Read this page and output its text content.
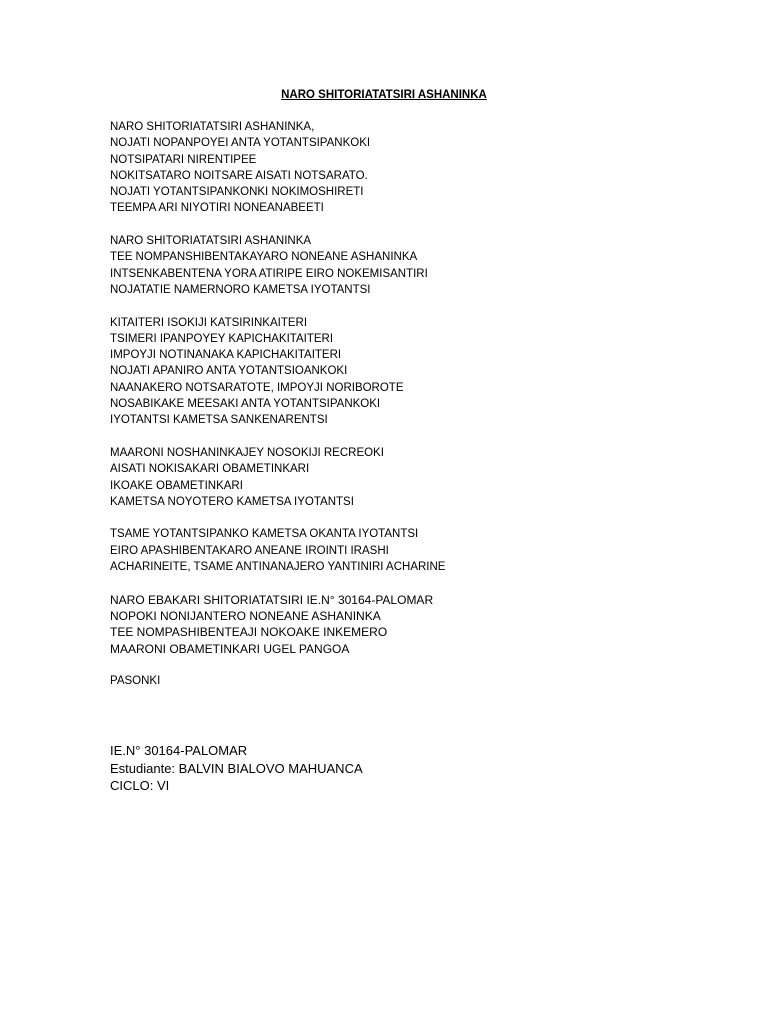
NARO SHITORIATATSIRI ASHANINKA
NARO SHITORIATATSIRI ASHANINKA,
NOJATI NOPANPOYEI ANTA YOTANTSIPANKOKI
NOTSIPATARI NIRENTIPEE
NOKITSATARO NOITSARE AISATI NOTSARATO.
NOJATI YOTANTSIPANKONKI NOKIMOSHIRETI
TEEMPA ARI NIYOTIRI NONEANABEETI
NARO SHITORIATATSIRI ASHANINKA
TEE NOMPANSHIBENTAKAYARO NONEANE ASHANINKA
INTSENKABENTENA YORA ATIRIPE EIRO NOKEMISANTIRI
NOJATATIE NAMERNORO KAMETSA IYOTANTSI
KITAITERI ISOKIJI KATSIRINKAITERI
TSIMERI IPANPOYEY KAPICHAKITAITERI
IMPOYJI NOTINANAKA KAPICHAKITAITERI
NOJATI APANIRO ANTA YOTANTSIOANKOKI
NAANAKERO NOTSARATOTE, IMPOYJI NORIBOROTE
NOSABIKAKE MEESAKI ANTA YOTANTSIPANKOKI
IYOTANTSI KAMETSA SANKENARENTSI
MAARONI NOSHANINKAJEY NOSOKIJI RECREOKI
AISATI NOKISAKARI OBAMETINKARI
IKOAKE OBAMETINKARI
KAMETSA NOYOTERO KAMETSA IYOTANTSI
TSAME YOTANTSIPANKO KAMETSA OKANTA IYOTANTSI
EIRO APASHIBENTAKARO ANEANE IROINTI IRASHI
ACHARINEITE, TSAME ANTINANAJERO YANTINIRI ACHARINE
NARO EBAKARI SHITORIATATSIRI IE.N° 30164-PALOMAR
NOPOKI NONIJANTERO NONEANE ASHANINKA
TEE NOMPASHIBENTEAJI NOKOAKE INKEMERO
MAARONI OBAMETINKARI UGEL PANGOA
PASONKI
IE.N° 30164-PALOMAR
Estudiante: BALVIN BIALOVO MAHUANCA
CICLO: VI
